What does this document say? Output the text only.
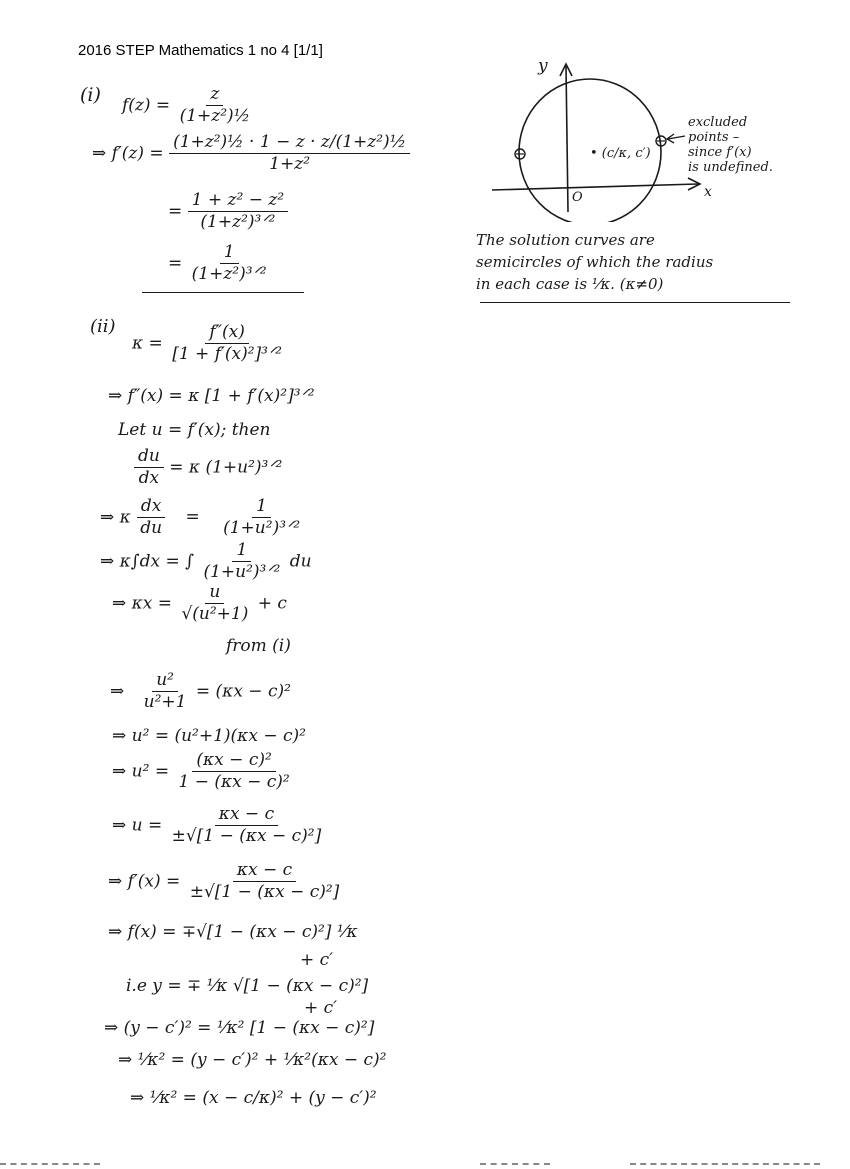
2016 STEP Mathematics 1 no 4 [1/1]
(i) $f(z) = \frac{z}{\text{(1+z²)½}}$
⇒ $f'(z) = \frac{\text{(1+z²)½ · 1 − z · z/(1+z²)½}}{\text{1+z²}}$
= $\frac{\text{1 + z² − z²}}{\text{(1+z²)³ᐟ²}}$
= $\frac{1}{\text{(1+z²)³ᐟ²}}$
y
x
O
• (c/κ, c′)
excluded
points –
since f′(x)
is undefined.
The solution curves are
semicircles of which the radius
in each case is ¹⁄κ. (κ≠0)
(ii)
$\kappa = \frac{f''(x)}{\text{[1 + f′(x)²]³ᐟ²}}$
⇒ f″(x) = κ [1 + f′(x)²]³ᐟ²
Let u = f′(x); then
$\frac{du}{dx} = \kappa$ (1+u²)³ᐟ²
⇒ κ $\frac{dx}{du} = \frac{1}{\text{(1+u²)³ᐟ²}}$
⇒ κ∫dx = ∫ $\frac{1}{\text{(1+u²)³ᐟ²}}$ du
⇒ $\kappa x = \frac{u}{\text{√(u²+1)}} + c$
from (i)
⇒ $\frac{\text{u²}}{\text{u²+1}} = (\kappa x - c)^2$
⇒ u² = (u²+1)(κx − c)²
⇒ $u^2 = \frac{\text{(κx − c)²}}{\text{1 − (κx − c)²}}$
⇒ $u = \frac{\kappa x - c}{\text{±√[1 − (κx − c)²]}}$
⇒ $f'(x) = \frac{\kappa x - c}{\text{±√[1 − (κx − c)²]}}$
⇒ f(x) = ∓√[1 − (κx − c)²] ¹⁄κ
+ c′
i.e y = ∓ ¹⁄κ √[1 − (κx − c)²]
+ c′
⇒ (y − c′)² = ¹⁄κ² [1 − (κx − c)²]
⇒ ¹⁄κ² = (y − c′)² + ¹⁄κ²(κx − c)²
⇒ ¹⁄κ² = (x − c/κ)² + (y − c′)²
